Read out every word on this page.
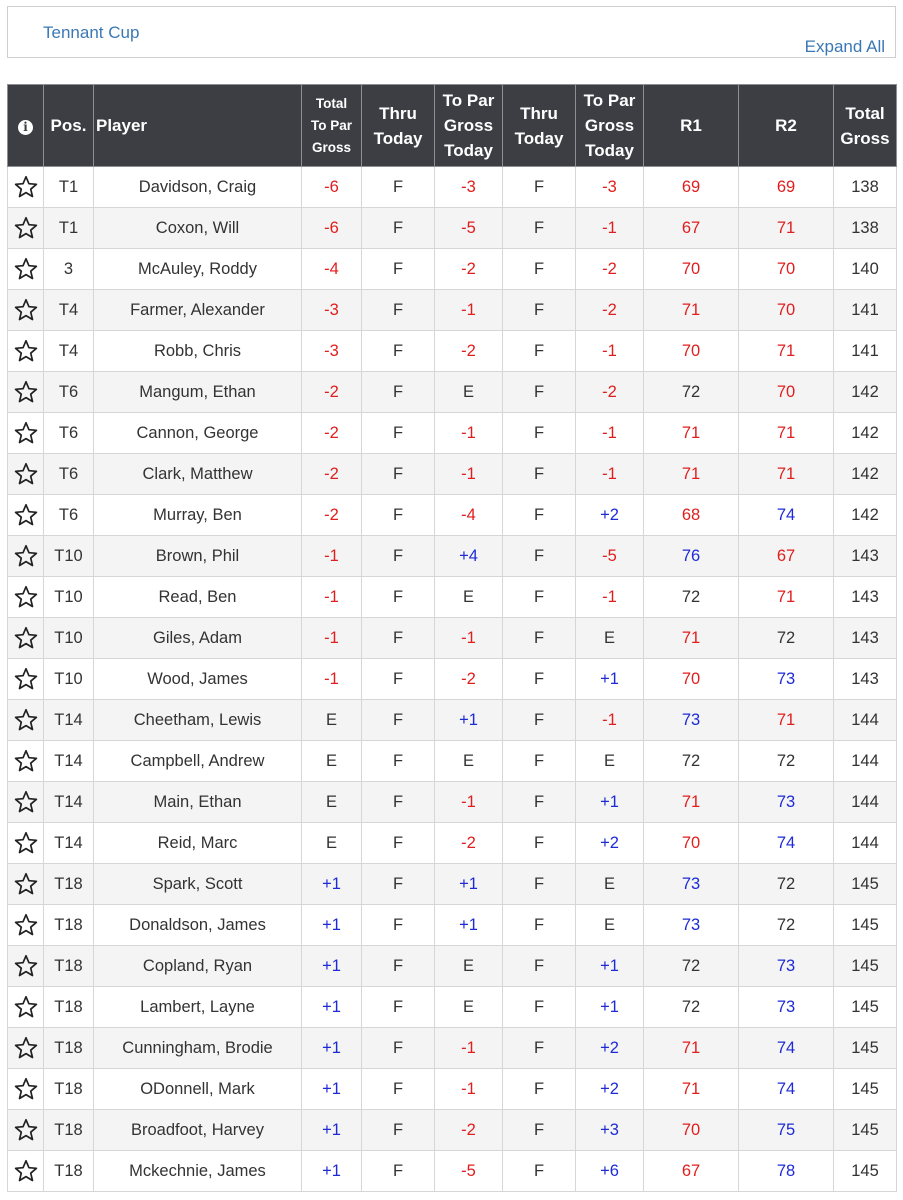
Tennant Cup
Expand All
i	Pos.	Player	Total
To Par
Gross	Thru
Today	To Par
Gross
Today	Thru
Today	To Par
Gross
Today	R1	R2	Total
Gross

	T1	Davidson, Craig	-6	F	-3	F	-3	69	69	138

	T1	Coxon, Will	-6	F	-5	F	-1	67	71	138

	3	McAuley, Roddy	-4	F	-2	F	-2	70	70	140

	T4	Farmer, Alexander	-3	F	-1	F	-2	71	70	141

	T4	Robb, Chris	-3	F	-2	F	-1	70	71	141

	T6	Mangum, Ethan	-2	F	E	F	-2	72	70	142

	T6	Cannon, George	-2	F	-1	F	-1	71	71	142

	T6	Clark, Matthew	-2	F	-1	F	-1	71	71	142

	T6	Murray, Ben	-2	F	-4	F	+2	68	74	142

	T10	Brown, Phil	-1	F	+4	F	-5	76	67	143

	T10	Read, Ben	-1	F	E	F	-1	72	71	143

	T10	Giles, Adam	-1	F	-1	F	E	71	72	143

	T10	Wood, James	-1	F	-2	F	+1	70	73	143

	T14	Cheetham, Lewis	E	F	+1	F	-1	73	71	144

	T14	Campbell, Andrew	E	F	E	F	E	72	72	144

	T14	Main, Ethan	E	F	-1	F	+1	71	73	144

	T14	Reid, Marc	E	F	-2	F	+2	70	74	144

	T18	Spark, Scott	+1	F	+1	F	E	73	72	145

	T18	Donaldson, James	+1	F	+1	F	E	73	72	145

	T18	Copland, Ryan	+1	F	E	F	+1	72	73	145

	T18	Lambert, Layne	+1	F	E	F	+1	72	73	145

	T18	Cunningham, Brodie	+1	F	-1	F	+2	71	74	145

	T18	ODonnell, Mark	+1	F	-1	F	+2	71	74	145

	T18	Broadfoot, Harvey	+1	F	-2	F	+3	70	75	145

	T18	Mckechnie, James	+1	F	-5	F	+6	67	78	145
